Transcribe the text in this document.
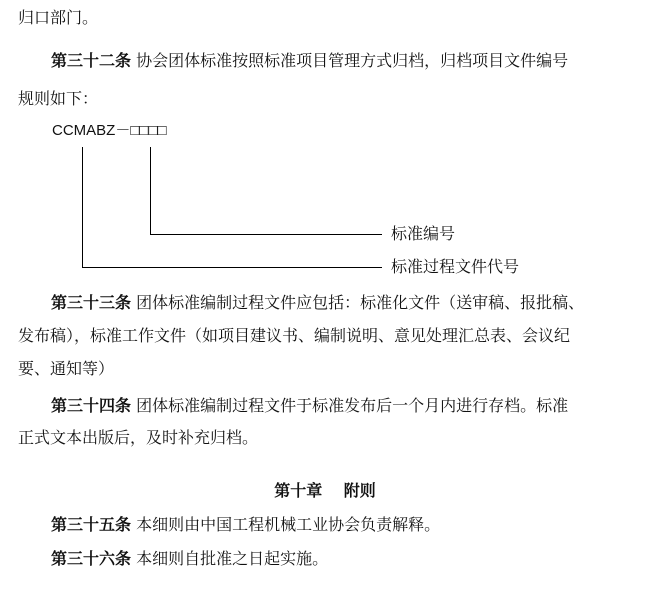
归口部门。
第三十二条 协会团体标准按照标准项目管理方式归档，归档项目文件编号
规则如下：
CCMABZ－□□□□
标准编号
标准过程文件代号
第三十三条 团体标准编制过程文件应包括：标准化文件（送审稿、报批稿、
发布稿），标准工作文件（如项目建议书、编制说明、意见处理汇总表、会议纪
要、通知等）
第三十四条 团体标准编制过程文件于标准发布后一个月内进行存档。标准
正式文本出版后，及时补充归档。
第十章　 附则
第三十五条 本细则由中国工程机械工业协会负责解释。
第三十六条 本细则自批准之日起实施。
